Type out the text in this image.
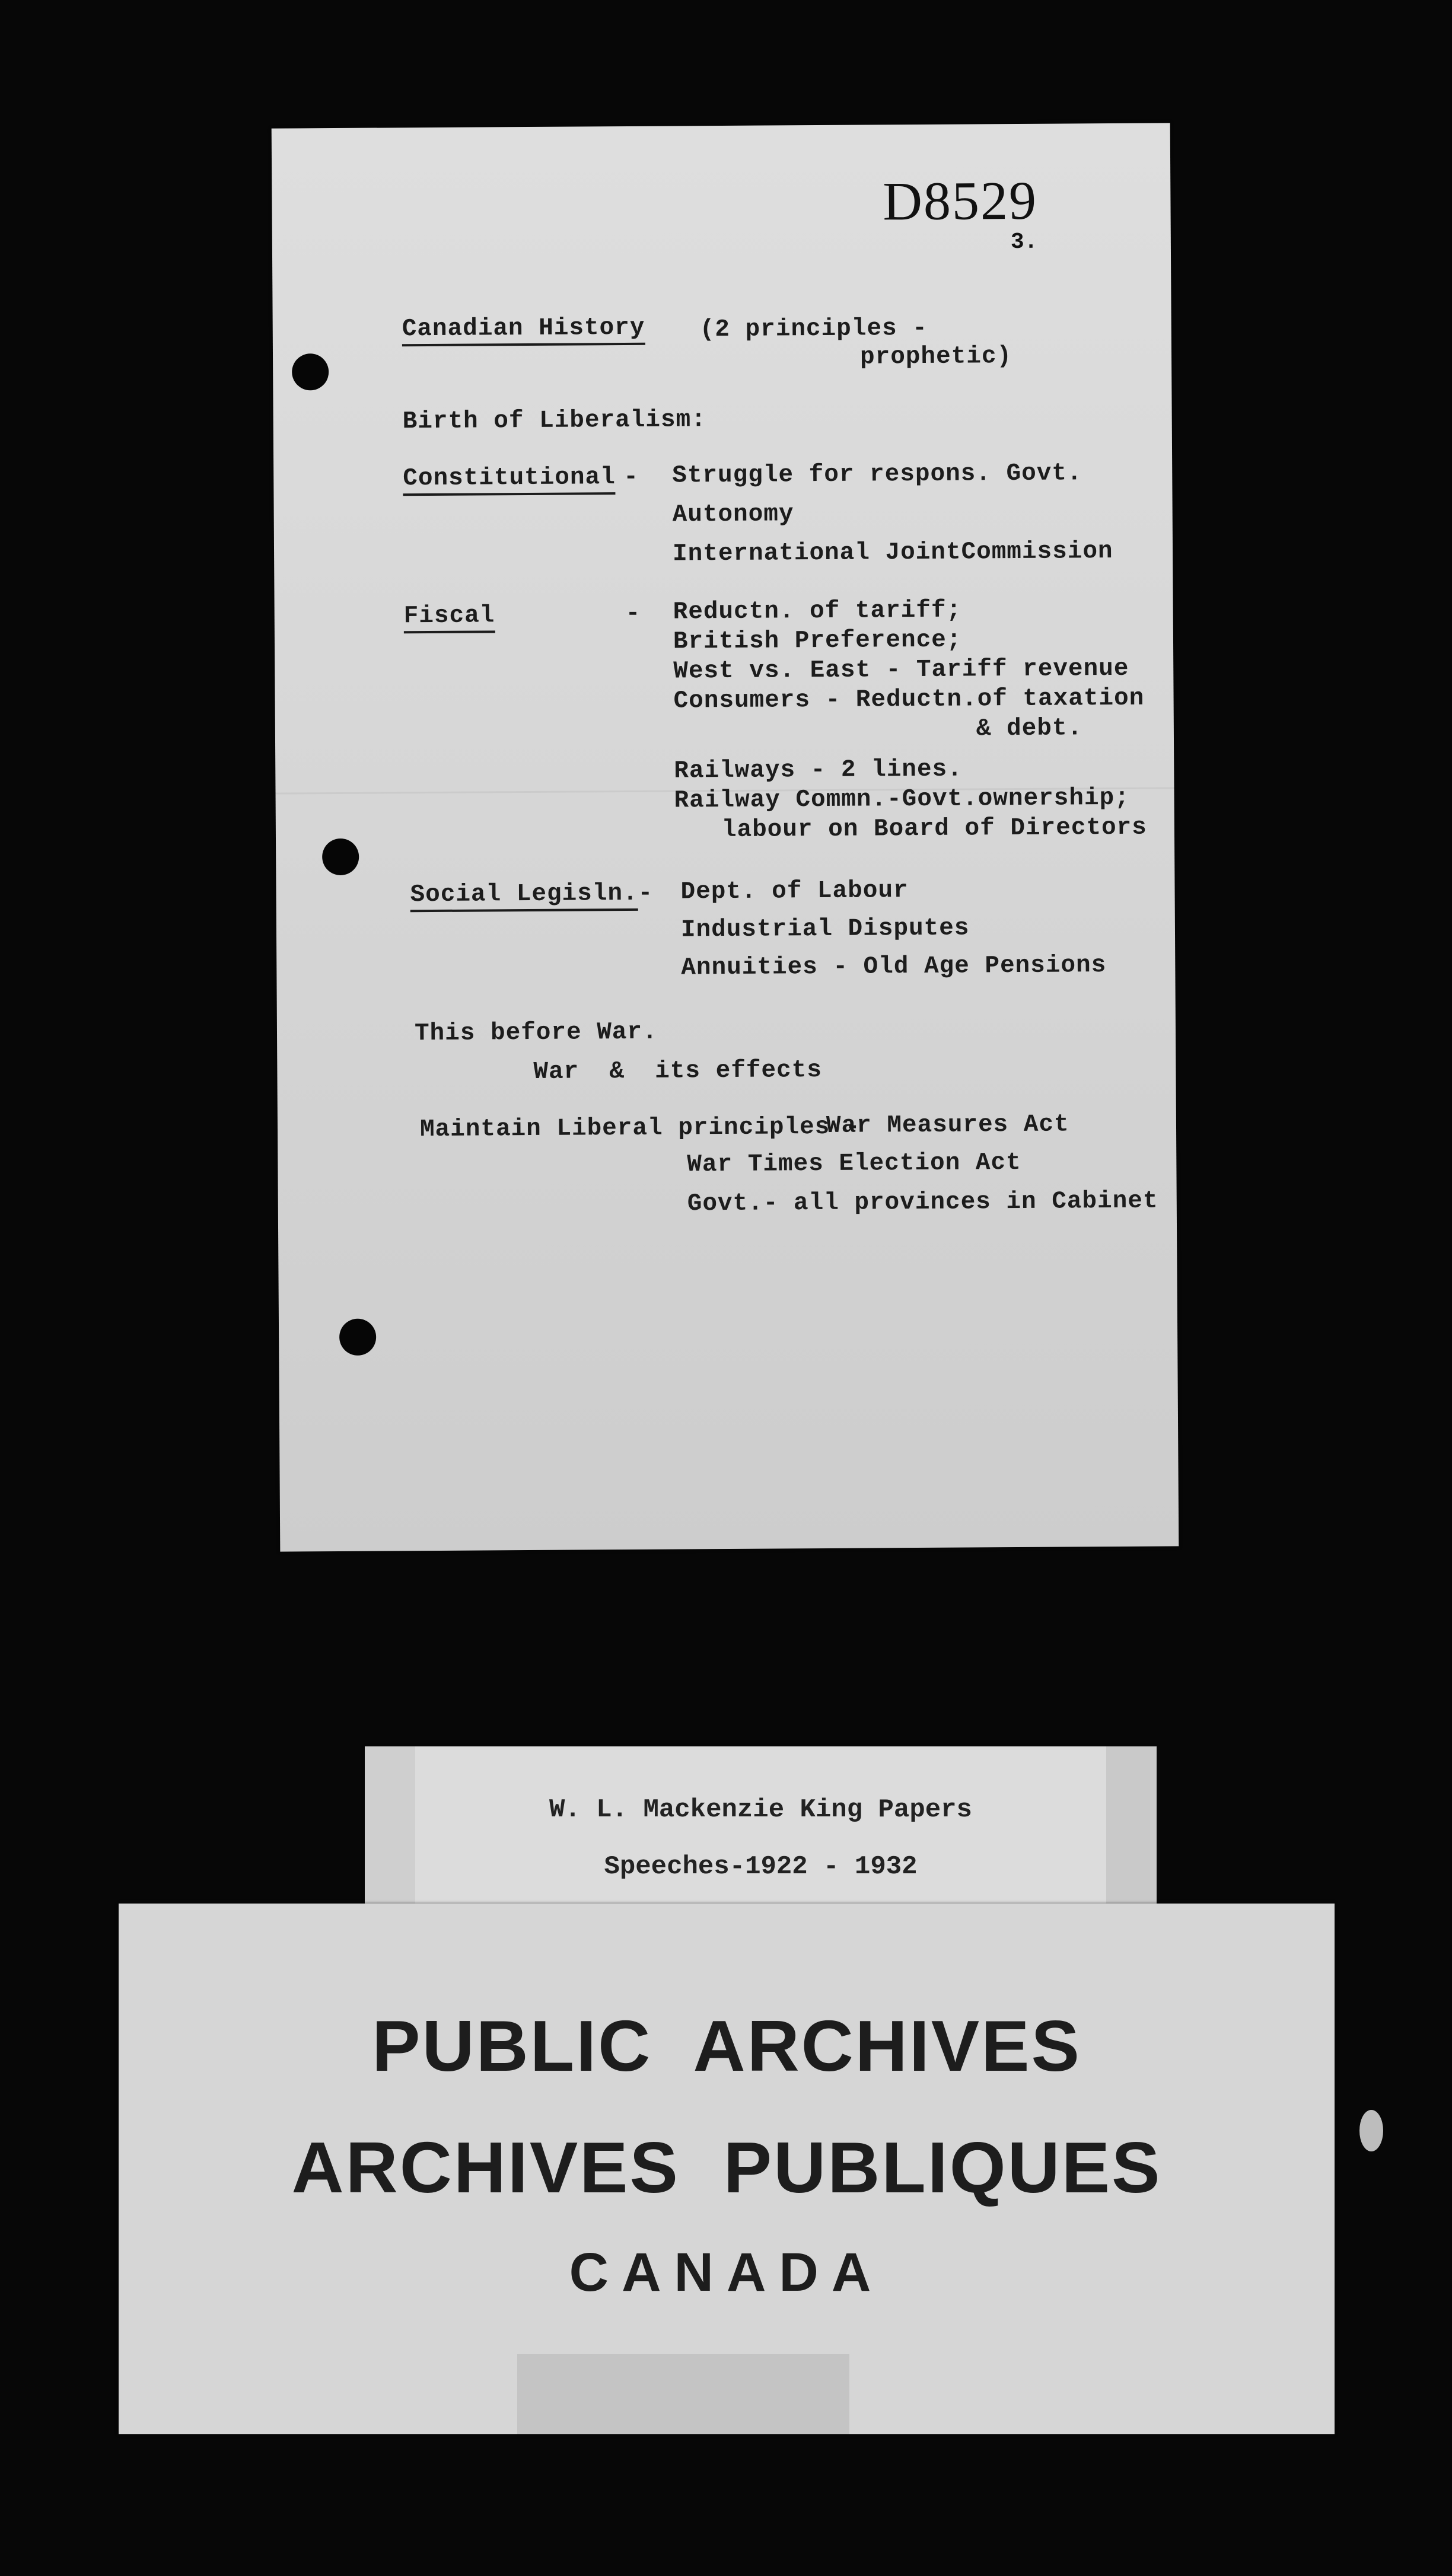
D8529
3.

Canadian History (2 principles -

prophetic)

Birth of Liberalism:

Constitutional - Struggle for respons. Govt.

Autonomy

International JointCommission

Fiscal	- Reductn. of tariff;

British Preference;

West vs. East - Tariff revenue

Consumers - Reductn.of taxation

& debt.

Railways - 2 lines.

Railway Commn.-Govt.ownership;

labour on Board of Directors

Social Legisln. - Dept. of Labour

Industrial Disputes

Annuities - Old Age Pensions

This before War.

War  &  its effects

Maintain Liberal principles -

War Measures Act

War Times Election Act

Govt.- all provinces in Cabinet

W. L. Mackenzie King Papers
Speeches-1922 - 1932
PUBLIC  ARCHIVES
ARCHIVES  PUBLIQUES
CANADA
